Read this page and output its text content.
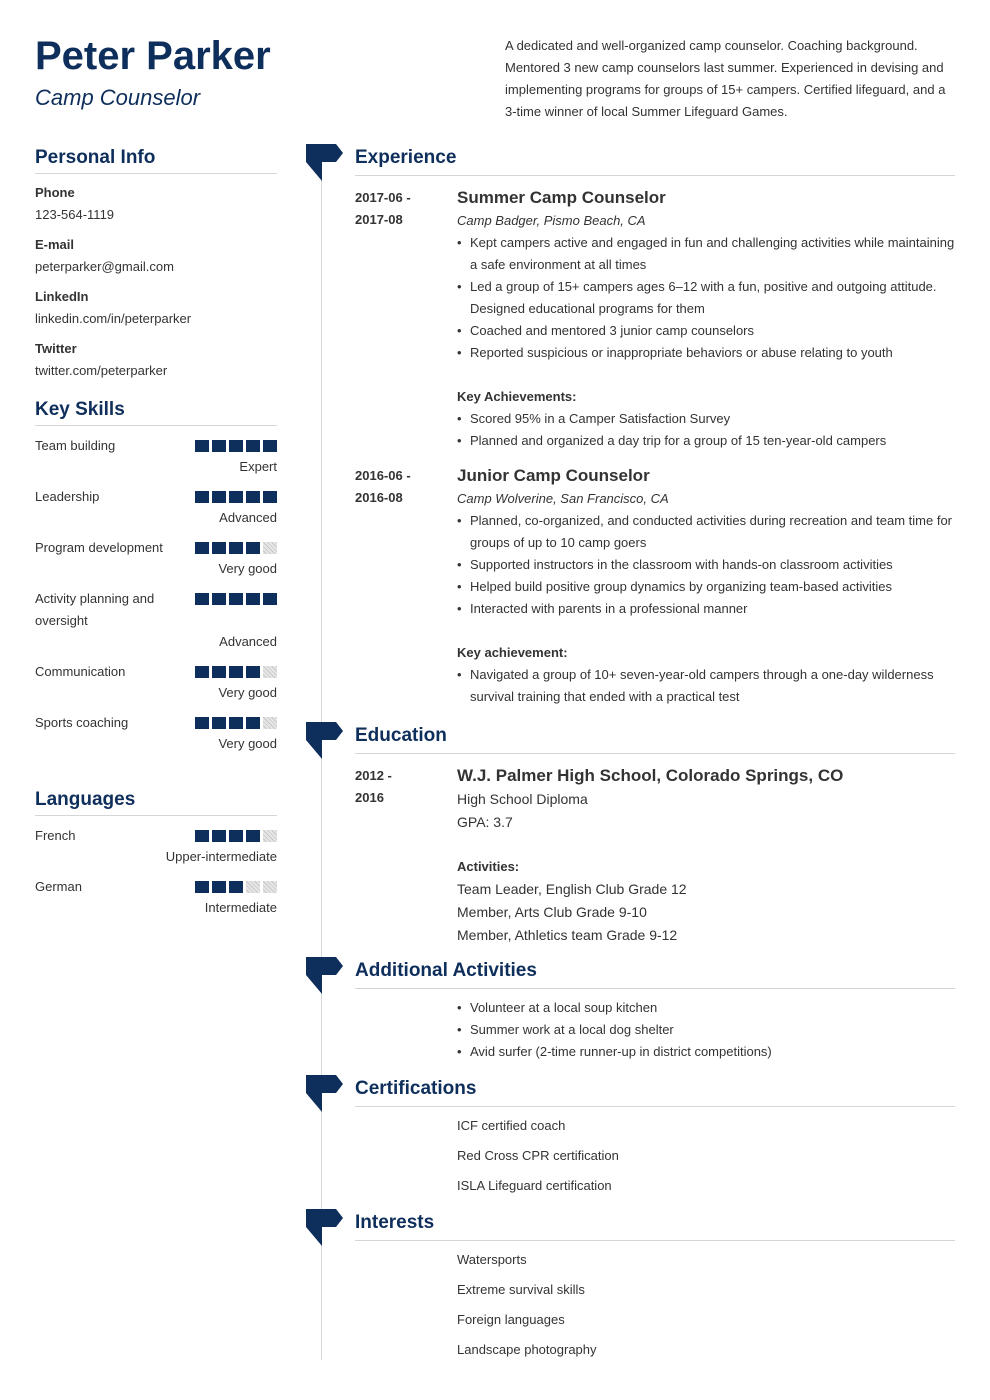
Peter Parker
Camp Counselor
A dedicated and well-organized camp counselor. Coaching background. Mentored 3 new camp counselors last summer. Experienced in devising and implementing programs for groups of 15+ campers. Certified lifeguard, and a 3-time winner of local Summer Lifeguard Games.
Personal Info
Phone
123-564-1119
E-mail
peterparker@gmail.com
LinkedIn
linkedin.com/in/peterparker
Twitter
twitter.com/peterparker
Key Skills
Team building
Expert
Leadership
Advanced
Program development
Very good
Activity planning and oversight
Advanced
Communication
Very good
Sports coaching
Very good
Languages
French
Upper-intermediate
German
Intermediate
Experience
2017-06 -
2017-08
Summer Camp Counselor
Camp Badger, Pismo Beach, CA
• Kept campers active and engaged in fun and challenging activities while maintaining a safe environment at all times
• Led a group of 15+ campers ages 6–12 with a fun, positive and outgoing attitude. Designed educational programs for them
• Coached and mentored 3 junior camp counselors
• Reported suspicious or inappropriate behaviors or abuse relating to youth
Key Achievements:
• Scored 95% in a Camper Satisfaction Survey
• Planned and organized a day trip for a group of 15 ten-year-old campers
2016-06 -
2016-08
Junior Camp Counselor
Camp Wolverine, San Francisco, CA
• Planned, co-organized, and conducted activities during recreation and team time for groups of up to 10 camp goers
• Supported instructors in the classroom with hands-on classroom activities
• Helped build positive group dynamics by organizing team-based activities
• Interacted with parents in a professional manner
Key achievement:
• Navigated a group of 10+ seven-year-old campers through a one-day wilderness survival training that ended with a practical test
Education
2012 -
2016
W.J. Palmer High School, Colorado Springs, CO
High School Diploma
GPA: 3.7
Activities:
Team Leader, English Club Grade 12
Member, Arts Club Grade 9-10
Member, Athletics team Grade 9-12
Additional Activities
• Volunteer at a local soup kitchen
• Summer work at a local dog shelter
• Avid surfer (2-time runner-up in district competitions)
Certifications
ICF certified coach
Red Cross CPR certification
ISLA Lifeguard certification
Interests
Watersports
Extreme survival skills
Foreign languages
Landscape photography
